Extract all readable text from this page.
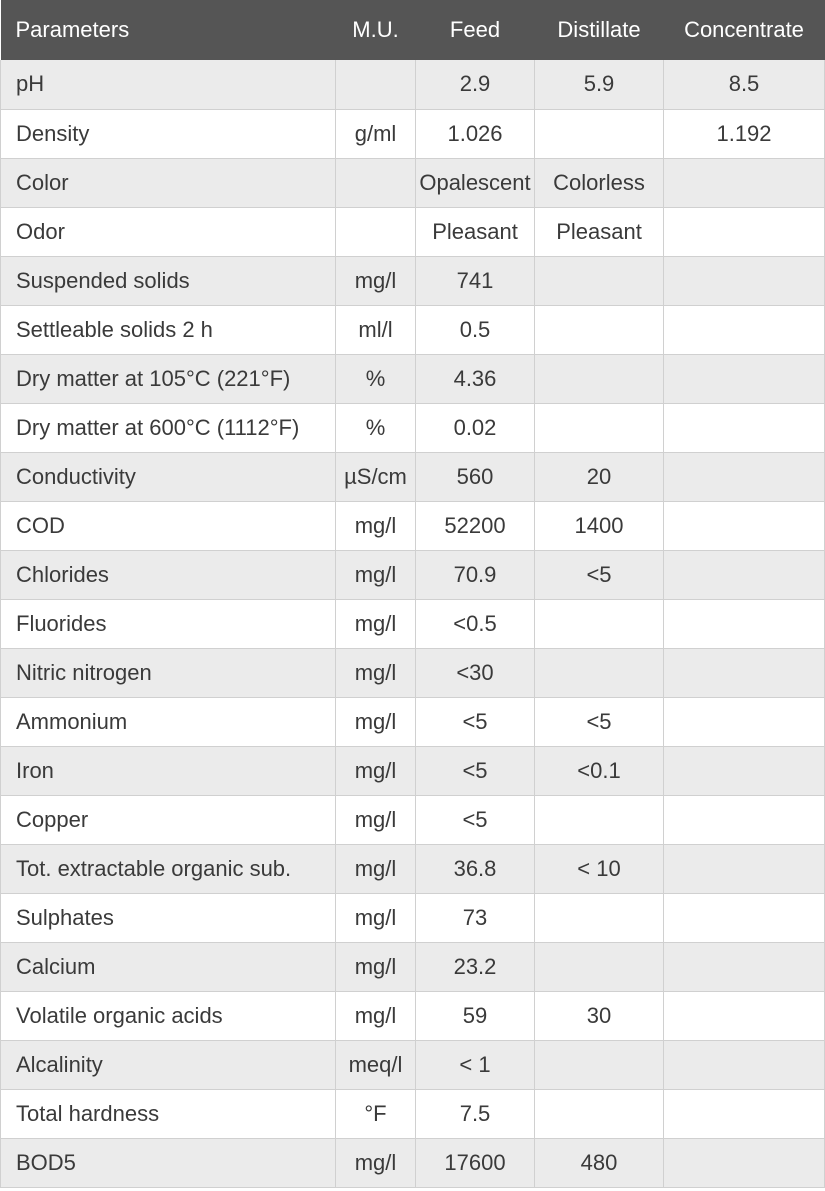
Parameters	M.U.	Feed	Distillate	Concentrate
pH		2.9	5.9	8.5
Density	g/ml	1.026		1.192
Color		Opalescent	Colorless	
Odor		Pleasant	Pleasant	
Suspended solids	mg/l	741		
Settleable solids 2 h	ml/l	0.5		
Dry matter at 105°C (221°F)	%	4.36		
Dry matter at 600°C (1112°F)	%	0.02		
Conductivity	µS/cm	560	20	
COD	mg/l	52200	1400	
Chlorides	mg/l	70.9	<5	
Fluorides	mg/l	<0.5		
Nitric nitrogen	mg/l	<30		
Ammonium	mg/l	<5	<5	
Iron	mg/l	<5	<0.1	
Copper	mg/l	<5		
Tot. extractable organic sub.	mg/l	36.8	< 10	
Sulphates	mg/l	73		
Calcium	mg/l	23.2		
Volatile organic acids	mg/l	59	30	
Alcalinity	meq/l	< 1		
Total hardness	°F	7.5		
BOD5	mg/l	17600	480	
